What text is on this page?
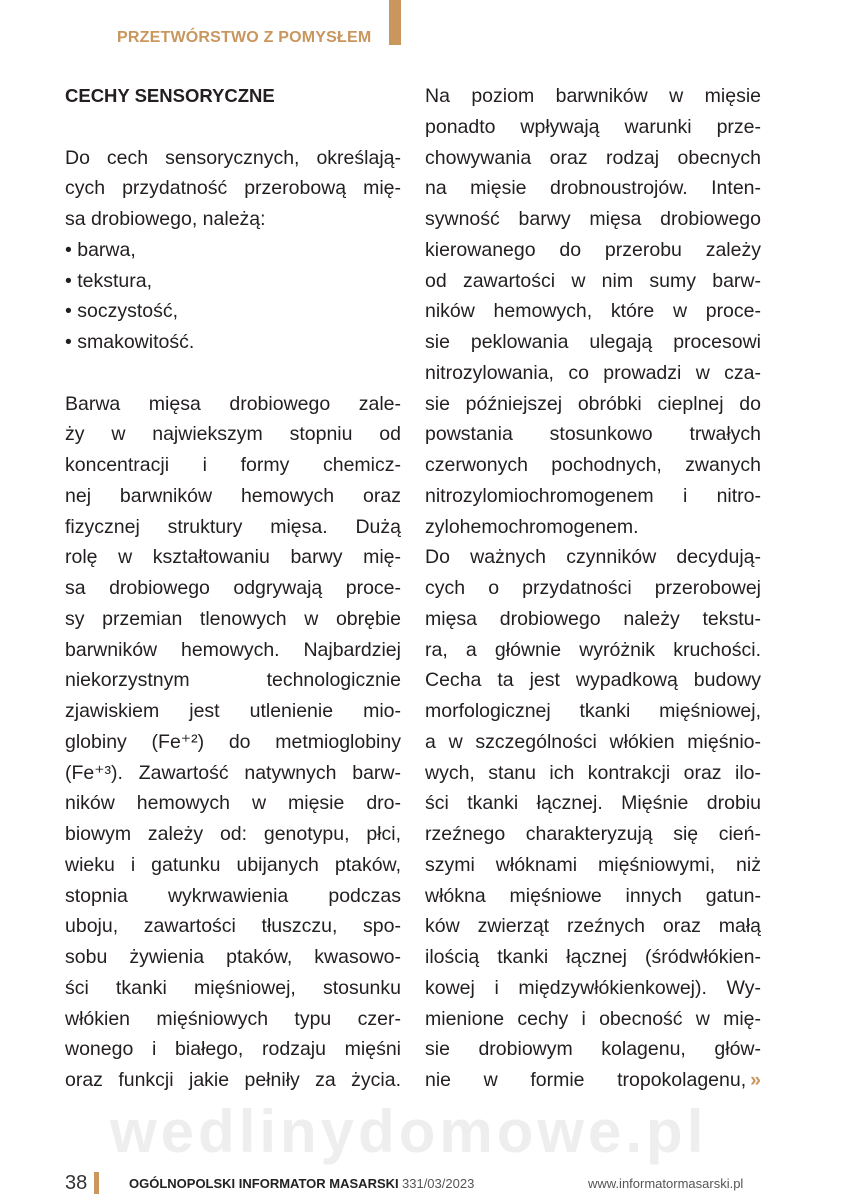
PRZETWÓRSTWO Z POMYSŁEM
CECHY SENSORYCZNE
Do cech sensorycznych, określają-
cych przydatność przerobową mię-
sa drobiowego, należą:
• barwa,
• tekstura,
• soczystość,
• smakowitość.
Barwa mięsa drobiowego zale-
ży w najwiekszym stopniu od
koncentracji i formy chemicz-
nej barwników hemowych oraz
fizycznej struktury mięsa. Dużą
rolę w kształtowaniu barwy mię-
sa drobiowego odgrywają proce-
sy przemian tlenowych w obrębie
barwników hemowych. Najbardziej
niekorzystnym technologicznie
zjawiskiem jest utlenienie mio-
globiny (Fe⁺²) do metmioglobiny
(Fe⁺³). Zawartość natywnych barw-
ników hemowych w mięsie dro-
biowym zależy od: genotypu, płci,
wieku i gatunku ubijanych ptaków,
stopnia wykrwawienia podczas
uboju, zawartości tłuszczu, spo-
sobu żywienia ptaków, kwasowo-
ści tkanki mięśniowej, stosunku
włókien mięśniowych typu czer-
wonego i białego, rodzaju mięśni
oraz funkcji jakie pełniły za życia.
Na poziom barwników w mięsie
ponadto wpływają warunki prze-
chowywania oraz rodzaj obecnych
na mięsie drobnoustrojów. Inten-
sywność barwy mięsa drobiowego
kierowanego do przerobu zależy
od zawartości w nim sumy barw-
ników hemowych, które w proce-
sie peklowania ulegają procesowi
nitrozylowania, co prowadzi w cza-
sie późniejszej obróbki cieplnej do
powstania stosunkowo trwałych
czerwonych pochodnych, zwanych
nitrozylomiochromogenem i nitro-
zylohemochromogenem.
Do ważnych czynników decydują-
cych o przydatności przerobowej
mięsa drobiowego należy tekstu-
ra, a głównie wyróżnik kruchości.
Cecha ta jest wypadkową budowy
morfologicznej tkanki mięśniowej,
a w szczególności włókien mięśnio-
wych, stanu ich kontrakcji oraz ilo-
ści tkanki łącznej. Mięśnie drobiu
rzeźnego charakteryzują się cień-
szymi włóknami mięśniowymi, niż
włókna mięśniowe innych gatun-
ków zwierząt rzeźnych oraz małą
ilością tkanki łącznej (śródwłókien-
kowej i międzywłókienkowej). Wy-
mienione cechy i obecność w mię-
sie drobiowym kolagenu, głów-
nie w formie tropokolagenu, »
wedlinydomowe.pl
38	OGÓLNOPOLSKI INFORMATOR MASARSKI 331/03/2023	www.informatormasarski.pl
